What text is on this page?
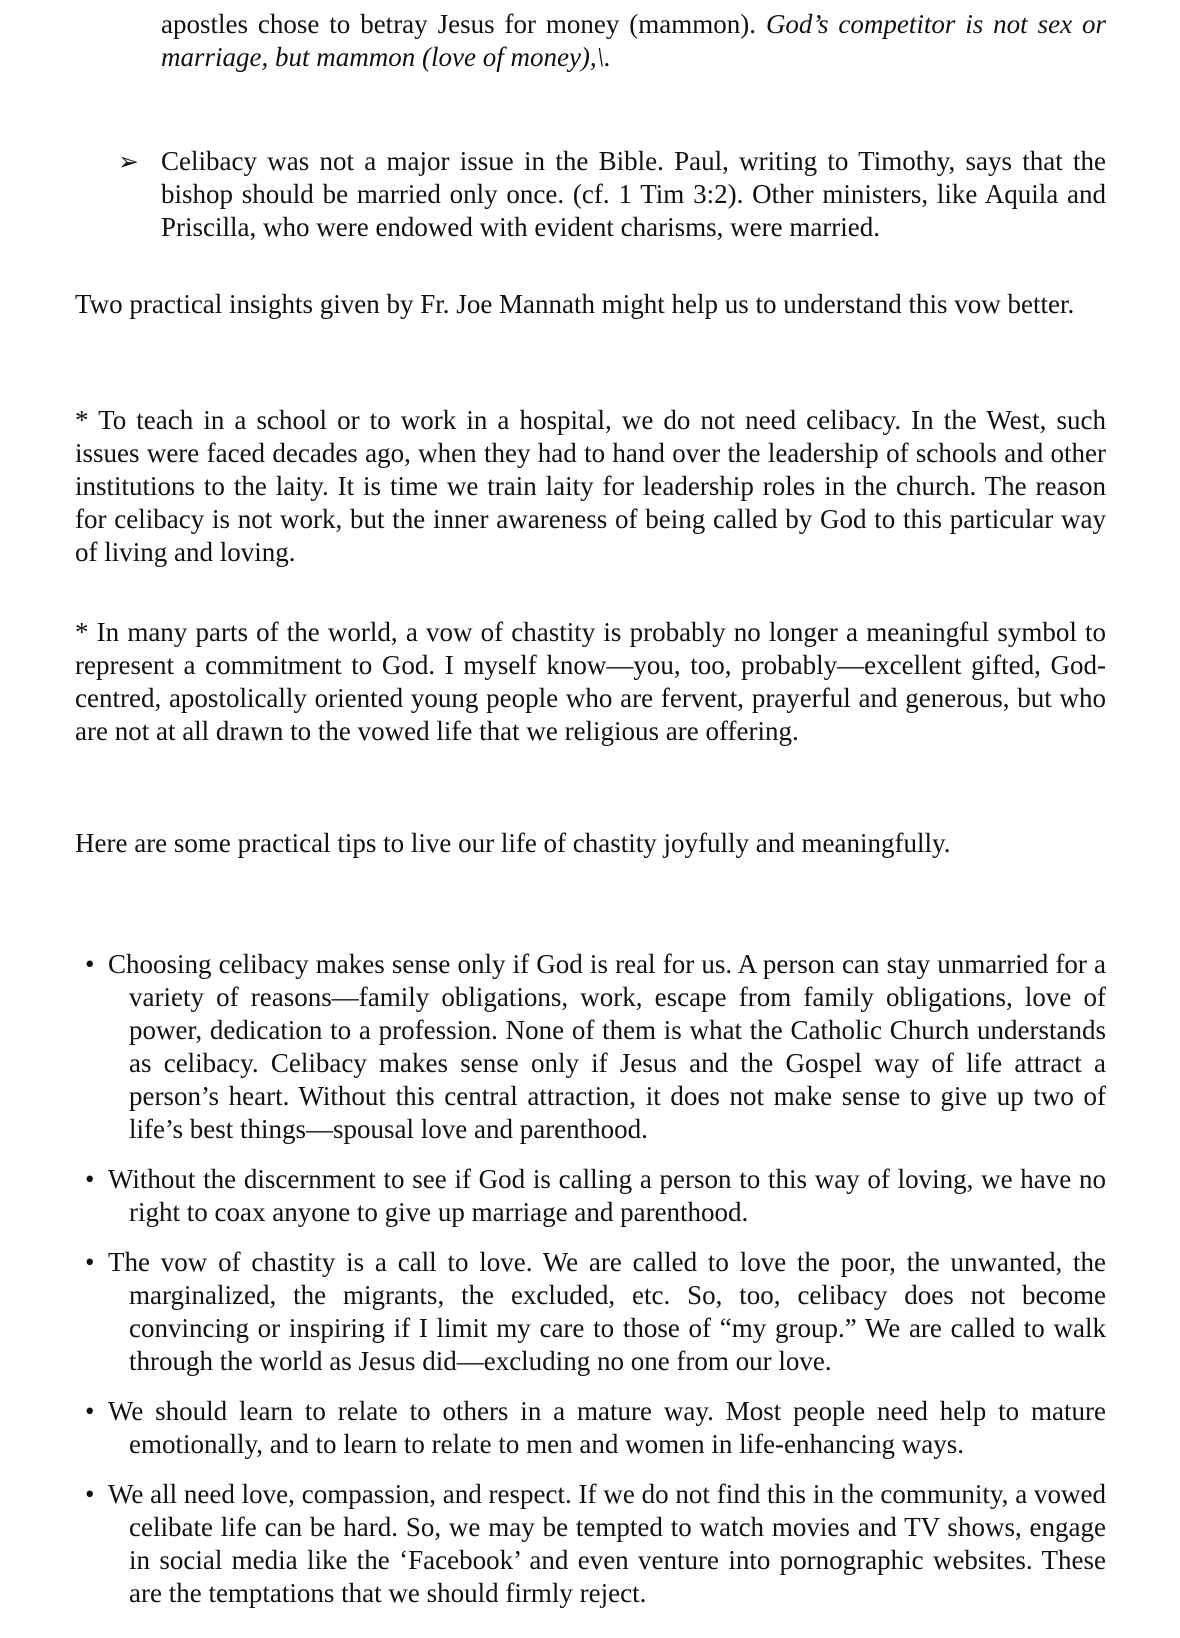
apostles chose to betray Jesus for money (mammon). God’s competitor is not sex or marriage, but mammon (love of money),\.

➢ Celibacy was not a major issue in the Bible. Paul, writing to Timothy, says that the bishop should be married only once. (cf. 1 Tim 3:2). Other ministers, like Aquila and Priscilla, who were endowed with evident charisms, were married.

Two practical insights given by Fr. Joe Mannath might help us to understand this vow better.

* To teach in a school or to work in a hospital, we do not need celibacy. In the West, such issues were faced decades ago, when they had to hand over the leadership of schools and other institutions to the laity. It is time we train laity for leadership roles in the church. The reason for celibacy is not work, but the inner awareness of being called by God to this particular way of living and loving.

* In many parts of the world, a vow of chastity is probably no longer a meaningful symbol to represent a commitment to God. I myself know—you, too, probably—excellent gifted, God-centred, apostolically oriented young people who are fervent, prayerful and generous, but who are not at all drawn to the vowed life that we religious are offering.

Here are some practical tips to live our life of chastity joyfully and meaningfully.

• Choosing celibacy makes sense only if God is real for us. A person can stay unmarried for a variety of reasons—family obligations, work, escape from family obligations, love of power, dedication to a profession. None of them is what the Catholic Church understands as celibacy. Celibacy makes sense only if Jesus and the Gospel way of life attract a person’s heart. Without this central attraction, it does not make sense to give up two of life’s best things—spousal love and parenthood.

• Without the discernment to see if God is calling a person to this way of loving, we have no right to coax anyone to give up marriage and parenthood.

• The vow of chastity is a call to love. We are called to love the poor, the unwanted, the marginalized, the migrants, the excluded, etc. So, too, celibacy does not become convincing or inspiring if I limit my care to those of “my group.” We are called to walk through the world as Jesus did—excluding no one from our love.

• We should learn to relate to others in a mature way. Most people need help to mature emotionally, and to learn to relate to men and women in life-enhancing ways.

• We all need love, compassion, and respect. If we do not find this in the community, a vowed celibate life can be hard. So, we may be tempted to watch movies and TV shows, engage in social media like the ‘Facebook’ and even venture into pornographic websites. These are the temptations that we should firmly reject.
